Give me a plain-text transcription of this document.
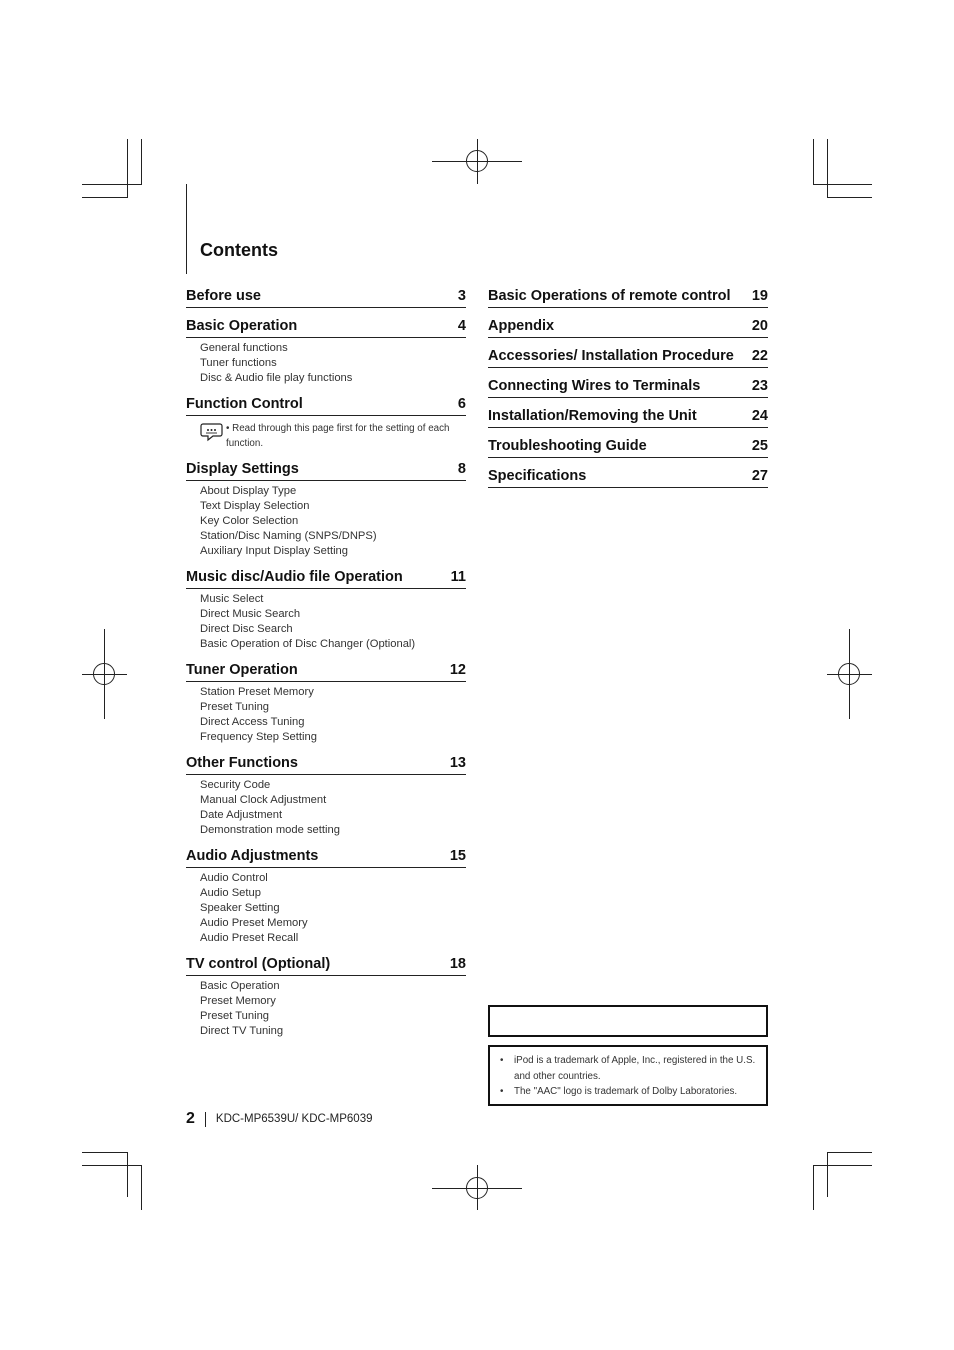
Contents
Before use	3
Basic Operation	4
General functions
Tuner functions
Disc & Audio file play functions
Function Control	6
• Read through this page first for the setting of each function.
Display Settings	8
About Display Type
Text Display Selection
Key Color Selection
Station/Disc Naming (SNPS/DNPS)
Auxiliary Input Display Setting
Music disc/Audio file Operation	11
Music Select
Direct Music Search
Direct Disc Search
Basic Operation of Disc Changer (Optional)
Tuner Operation	12
Station Preset Memory
Preset Tuning
Direct Access Tuning
Frequency Step Setting
Other Functions	13
Security Code
Manual Clock Adjustment
Date Adjustment
Demonstration mode setting
Audio Adjustments	15
Audio Control
Audio Setup
Speaker Setting
Audio Preset Memory
Audio Preset Recall
TV control (Optional)	18
Basic Operation
Preset Memory
Preset Tuning
Direct TV Tuning
Basic Operations of remote control 19
Appendix	20
Accessories/ Installation Procedure 22
Connecting Wires to Terminals	23
Installation/Removing the Unit	24
Troubleshooting Guide	25
Specifications	27
•	iPod is a trademark of Apple, Inc., registered in the U.S. and other countries.
•	The "AAC" logo is trademark of Dolby Laboratories.
2 KDC-MP6539U/ KDC-MP6039
